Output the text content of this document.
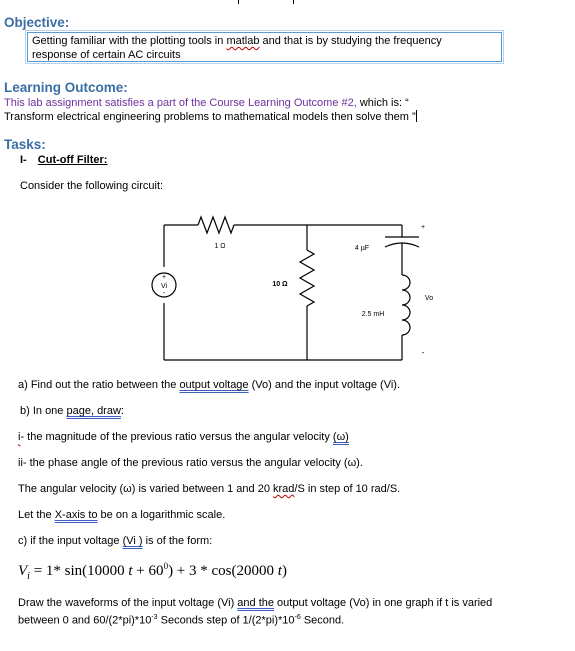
Objective:
Getting familiar with the plotting tools in matlab and that is by studying the frequency
response of certain AC circuits
Learning Outcome:
This lab assignment satisfies a part of the Course Learning Outcome #2, which is: “
Transform electrical engineering problems to mathematical models then solve them ”
Tasks:
I- Cut-off Filter:
Consider the following circuit:
1 Ω
10 Ω
4 µF
2.5 mH
Vi
+
-
Vo
+
-
a) Find out the ratio between the output voltage (Vo) and the input voltage (Vi).
b) In one page, draw:
i- the magnitude of the previous ratio versus the angular velocity (ω)
ii- the phase angle of the previous ratio versus the angular velocity (ω).
The angular velocity (ω) is varied between 1 and 20 krad/S in step of 10 rad/S.
Let the X-axis to be on a logarithmic scale.
c) if the input voltage (Vi ) is of the form:
$V_i = 1*$ sin(10000 $t + 60^0) + 3 * \cos(20000$ t)
Draw the waveforms of the input voltage (Vi) and the output voltage (Vo) in one graph if t is varied
between 0 and $60/(2*pi)*10^{-3}$ Seconds step of $1/(2*pi)*10^{-6}$ Second.
